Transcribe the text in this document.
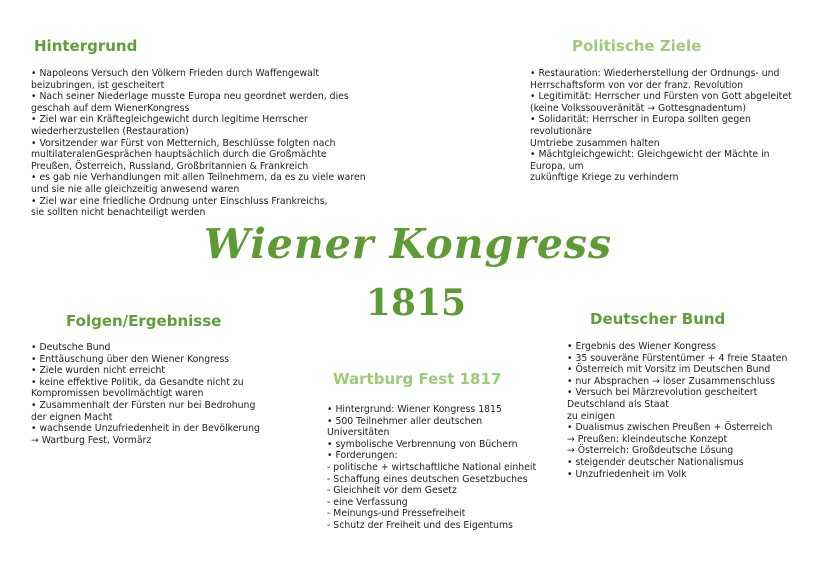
Hintergrund
• Napoleons Versuch den Völkern Frieden durch Waffengewalt
beizubringen, ist gescheitert
• Nach seiner Niederlage musste Europa neu geordnet werden, dies
geschah auf dem WienerKongress
• Ziel war ein Kräftegleichgewicht durch legitime Herrscher
wiederherzustellen (Restauration)
• Vorsitzender war Fürst von Metternich, Beschlüsse folgten nach
multilateralenGesprächen hauptsächlich durch die Großmächte
Preußen, Österreich, Russland, Großbritannien & Frankreich
• es gab nie Verhandlungen mit allen Teilnehmern, da es zu viele waren
und sie nie alle gleichzeitig anwesend waren
• Ziel war eine friedliche Ordnung unter Einschluss Frankreichs,
sie sollten nicht benachteiligt werden
Politische Ziele
• Restauration: Wiederherstellung der Ordnungs- und
Herrschaftsform von vor der franz. Revolution
• Legitimität: Herrscher und Fürsten von Gott abgeleitet
(keine Volkssouveränität → Gottesgnadentum)
• Solidarität: Herrscher in Europa sollten gegen
revolutionäre
Umtriebe zusammen halten
• Mächtgleichgewicht: Gleichgewicht der Mächte in
Europa, um
zukünftige Kriege zu verhindern
Wiener Kongress
1815
Folgen/Ergebnisse
• Deutsche Bund
• Enttäuschung über den Wiener Kongress
• Ziele wurden nicht erreicht
• keine effektive Politik, da Gesandte nicht zu
Kompromissen bevollmächtigt waren
• Zusammenhalt der Fürsten nur bei Bedrohung
der eignen Macht
• wachsende Unzufriedenheit in der Bevölkerung
→ Wartburg Fest, Vormärz
Deutscher Bund
• Ergebnis des Wiener Kongress
• 35 souveräne Fürstentümer + 4 freie Staaten
• Österreich mit Vorsitz im Deutschen Bund
• nur Absprachen → loser Zusammenschluss
• Versuch bei Märzrevolution gescheitert
Deutschland als Staat
zu einigen
• Dualismus zwischen Preußen + Österreich
→ Preußen: kleindeutsche Konzept
→ Österreich: Großdeutsche Lösung
• steigender deutscher Nationalismus
• Unzufriedenheit im Volk
Wartburg Fest 1817
• Hintergrund: Wiener Kongress 1815
• 500 Teilnehmer aller deutschen
Universitäten
• symbolische Verbrennung von Büchern
• Forderungen:
- politische + wirtschaftliche National einheit
- Schaffung eines deutschen Gesetzbuches
- Gleichheit vor dem Gesetz
- eine Verfassung
- Meinungs-und Pressefreiheit
- Schutz der Freiheit und des Eigentums
